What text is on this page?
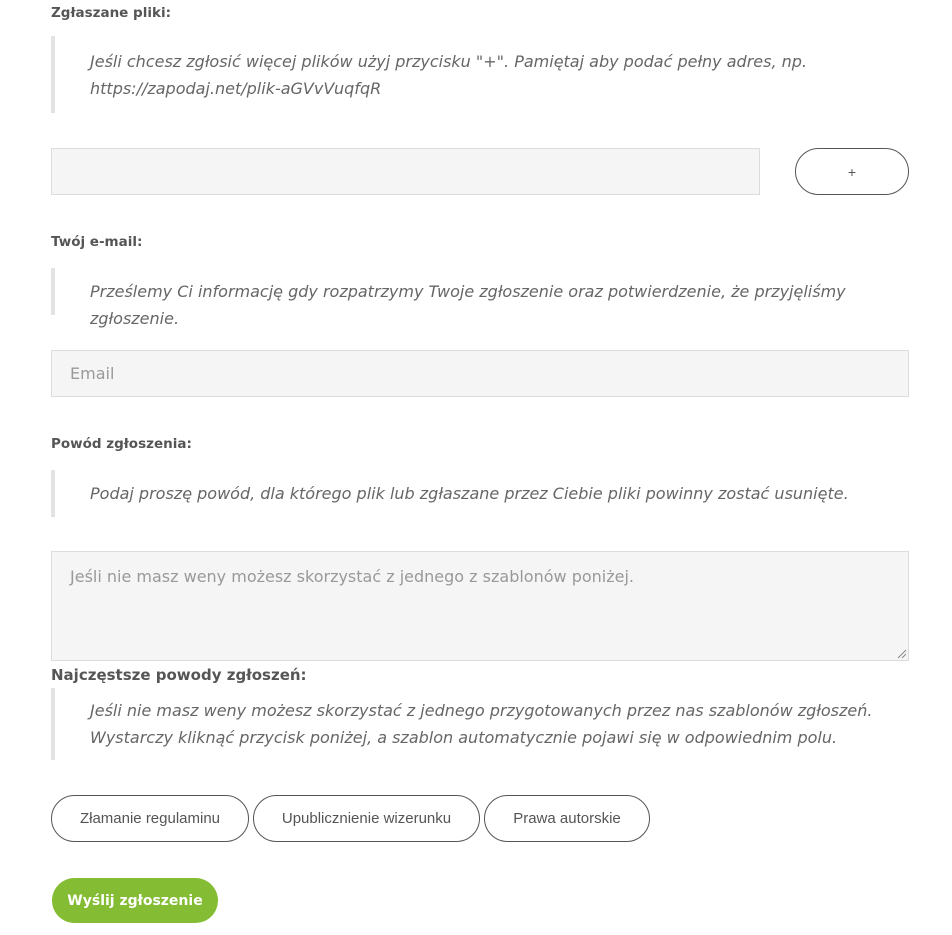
Zgłaszane pliki:
Jeśli chcesz zgłosić więcej plików użyj przycisku "+". Pamiętaj aby podać pełny adres, np. https://zapodaj.net/plik-aGVvVuqfqR
+
Twój e-mail:
Prześlemy Ci informację gdy rozpatrzymy Twoje zgłoszenie oraz potwierdzenie, że przyjęliśmy zgłoszenie.
Email
Powód zgłoszenia:
Podaj proszę powód, dla którego plik lub zgłaszane przez Ciebie pliki powinny zostać usunięte.
Jeśli nie masz weny możesz skorzystać z jednego z szablonów poniżej.
Najczęstsze powody zgłoszeń:
Jeśli nie masz weny możesz skorzystać z jednego przygotowanych przez nas szablonów zgłoszeń. Wystarczy kliknąć przycisk poniżej, a szablon automatycznie pojawi się w odpowiednim polu.
Złamanie regulaminu	Upublicznienie wizerunku	Prawa autorskie
Wyślij zgłoszenie
